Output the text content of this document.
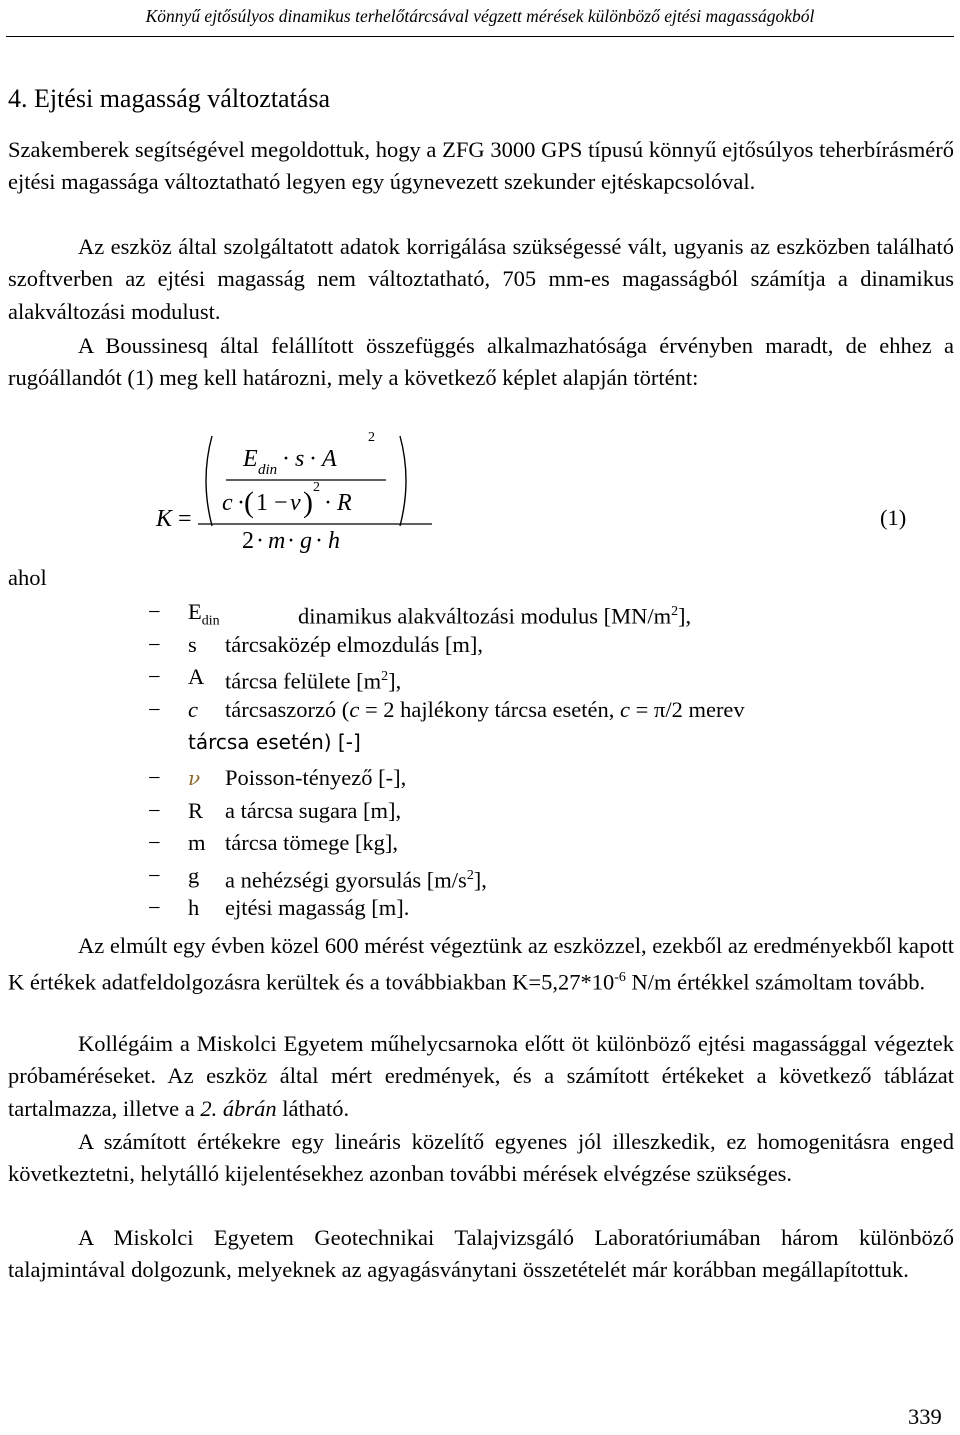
Könnyű ejtősúlyos dinamikus terhelőtárcsával végzett mérések különböző ejtési magasságokból
4. Ejtési magasság változtatása

Szakemberek segítségével megoldottuk, hogy a ZFG 3000 GPS típusú könnyű ejtősúlyos teherbírásmérő ejtési magassága változtatható legyen egy úgynevezett szekunder ejtéskapcsolóval.

Az eszköz által szolgáltatott adatok korrigálása szükségessé vált, ugyanis az eszközben található szoftverben az ejtési magasság nem változtatható, 705 mm-es magasságból számítja a dinamikus alakváltozási modulust.

A Boussinesq által felállított összefüggés alkalmazhatósága érvényben maradt, de ehhez a rugóállandót (1) meg kell határozni, mely a következő képlet alapján történt:

K =
E din · s · A
c · ( 1 − ν ) 2
· R
2
2 · m · g · h
(1)
ahol
− $E_{din}$	dinamikus alakváltozási modulus $[MN/m^2]$,
− s tárcsaközép elmozdulás [m],
− A tárcsa felülete $[m^2]$,
− c tárcsaszorzó (c = 2 hajlékony tárcsa esetén, c = π/2 merev
tárcsa esetén) [-]
− ν Poisson-tényező [-],
− R a tárcsa sugara [m],
− m tárcsa tömege [kg],
− g a nehézségi gyorsulás $[m/s^2]$,
− h ejtési magasság [m].

Az elmúlt egy évben közel 600 mérést végeztünk az eszközzel, ezekből az eredményekből kapott K értékek adatfeldolgozásra kerültek és a továbbiakban $K=5,27*10^{-6}$ N/m értékkel számoltam tovább.

Kollégáim a Miskolci Egyetem műhelycsarnoka előtt öt különböző ejtési magassággal végeztek próbaméréseket. Az eszköz által mért eredmények, és a számított értékeket a következő táblázat tartalmazza, illetve a 2. ábrán látható.

A számított értékekre egy lineáris közelítő egyenes jól illeszkedik, ez homogenitásra enged következtetni, helytálló kijelentésekhez azonban további mérések elvégzése szükséges.

A Miskolci Egyetem Geotechnikai Talajvizsgáló Laboratóriumában három különböző talajmintával dolgozunk, melyeknek az agyagásványtani összetételét már korábban megállapítottuk.

339
